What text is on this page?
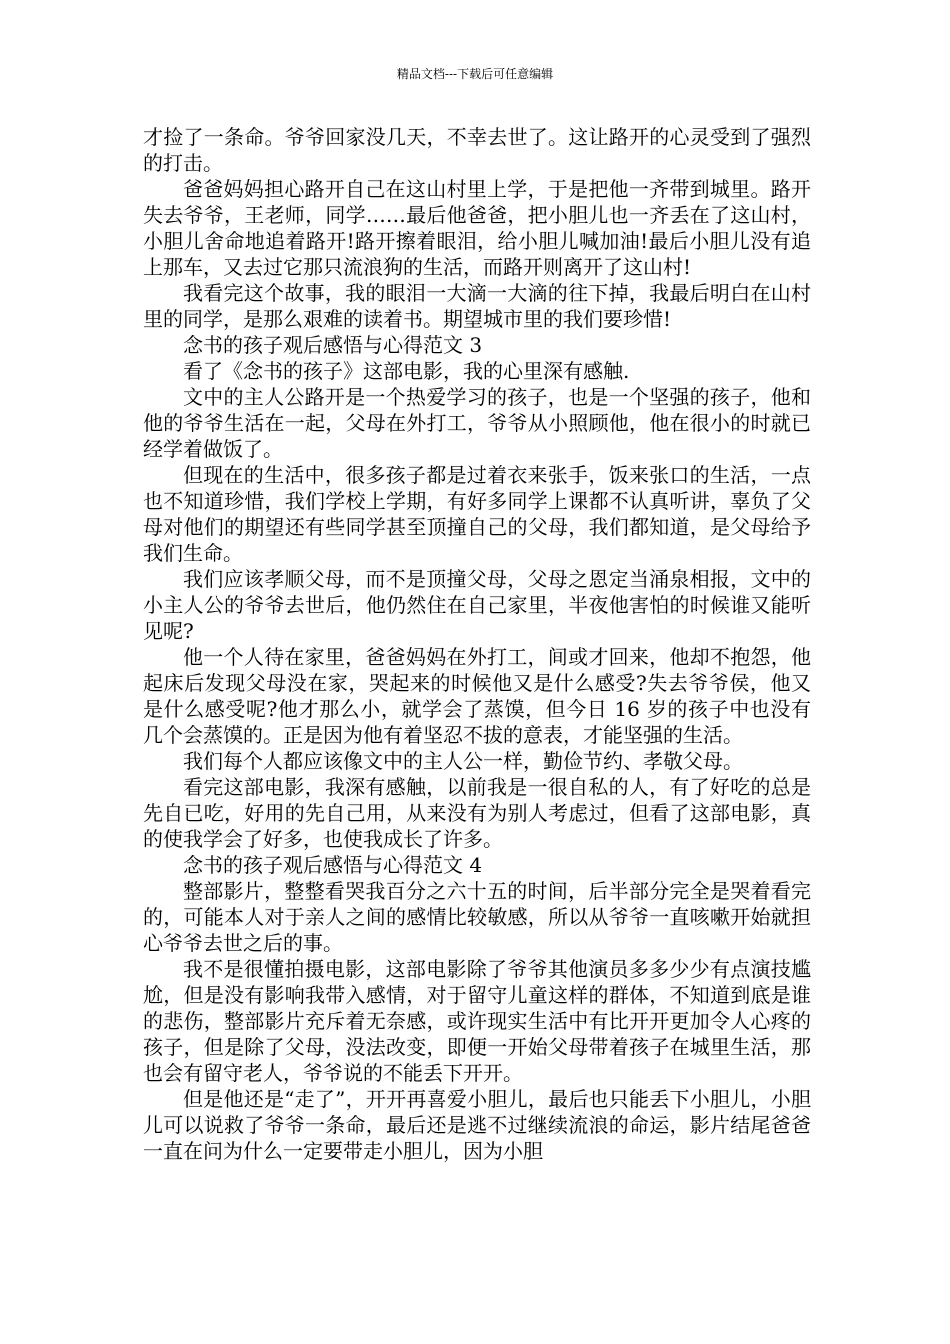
精品文档---下载后可任意编辑

才捡了一条命。爷爷回家没几天，不幸去世了。这让路开的心灵受到了强烈的打击。

爸爸妈妈担心路开自己在这山村里上学，于是把他一齐带到城里。路开失去爷爷，王老师，同学……最后他爸爸，把小胆儿也一齐丢在了这山村，小胆儿舍命地追着路开!路开擦着眼泪，给小胆儿喊加油!最后小胆儿没有追上那车，又去过它那只流浪狗的生活，而路开则离开了这山村!

我看完这个故事，我的眼泪一大滴一大滴的往下掉，我最后明白在山村里的同学，是那么艰难的读着书。期望城市里的我们要珍惜!

念书的孩子观后感悟与心得范文 3

看了《念书的孩子》这部电影，我的心里深有感触.

文中的主人公路开是一个热爱学习的孩子，也是一个坚强的孩子，他和他的爷爷生活在一起，父母在外打工，爷爷从小照顾他，他在很小的时就已经学着做饭了。

但现在的生活中，很多孩子都是过着衣来张手，饭来张口的生活，一点也不知道珍惜，我们学校上学期，有好多同学上课都不认真听讲，辜负了父母对他们的期望还有些同学甚至顶撞自己的父母，我们都知道，是父母给予我们生命。

我们应该孝顺父母，而不是顶撞父母，父母之恩定当涌泉相报，文中的小主人公的爷爷去世后，他仍然住在自己家里，半夜他害怕的时候谁又能听见呢?

他一个人待在家里，爸爸妈妈在外打工，间或才回来，他却不抱怨，他起床后发现父母没在家，哭起来的时候他又是什么感受?失去爷爷侯，他又是什么感受呢?他才那么小，就学会了蒸馍，但今日 16 岁的孩子中也没有几个会蒸馍的。正是因为他有着坚忍不拔的意表，才能坚强的生活。

我们每个人都应该像文中的主人公一样，勤俭节约、孝敬父母。

看完这部电影，我深有感触，以前我是一很自私的人，有了好吃的总是先自已吃，好用的先自己用，从来没有为别人考虑过，但看了这部电影，真的使我学会了好多，也使我成长了许多。

念书的孩子观后感悟与心得范文 4

整部影片，整整看哭我百分之六十五的时间，后半部分完全是哭着看完的，可能本人对于亲人之间的感情比较敏感，所以从爷爷一直咳嗽开始就担心爷爷去世之后的事。

我不是很懂拍摄电影，这部电影除了爷爷其他演员多多少少有点演技尴尬，但是没有影响我带入感情，对于留守儿童这样的群体，不知道到底是谁的悲伤，整部影片充斥着无奈感，或许现实生活中有比开开更加令人心疼的孩子，但是除了父母，没法改变，即便一开始父母带着孩子在城里生活，那也会有留守老人，爷爷说的不能丢下开开。

但是他还是“走了”，开开再喜爱小胆儿，最后也只能丢下小胆儿，小胆儿可以说救了爷爷一条命，最后还是逃不过继续流浪的命运，影片结尾爸爸一直在问为什么一定要带走小胆儿，因为小胆
